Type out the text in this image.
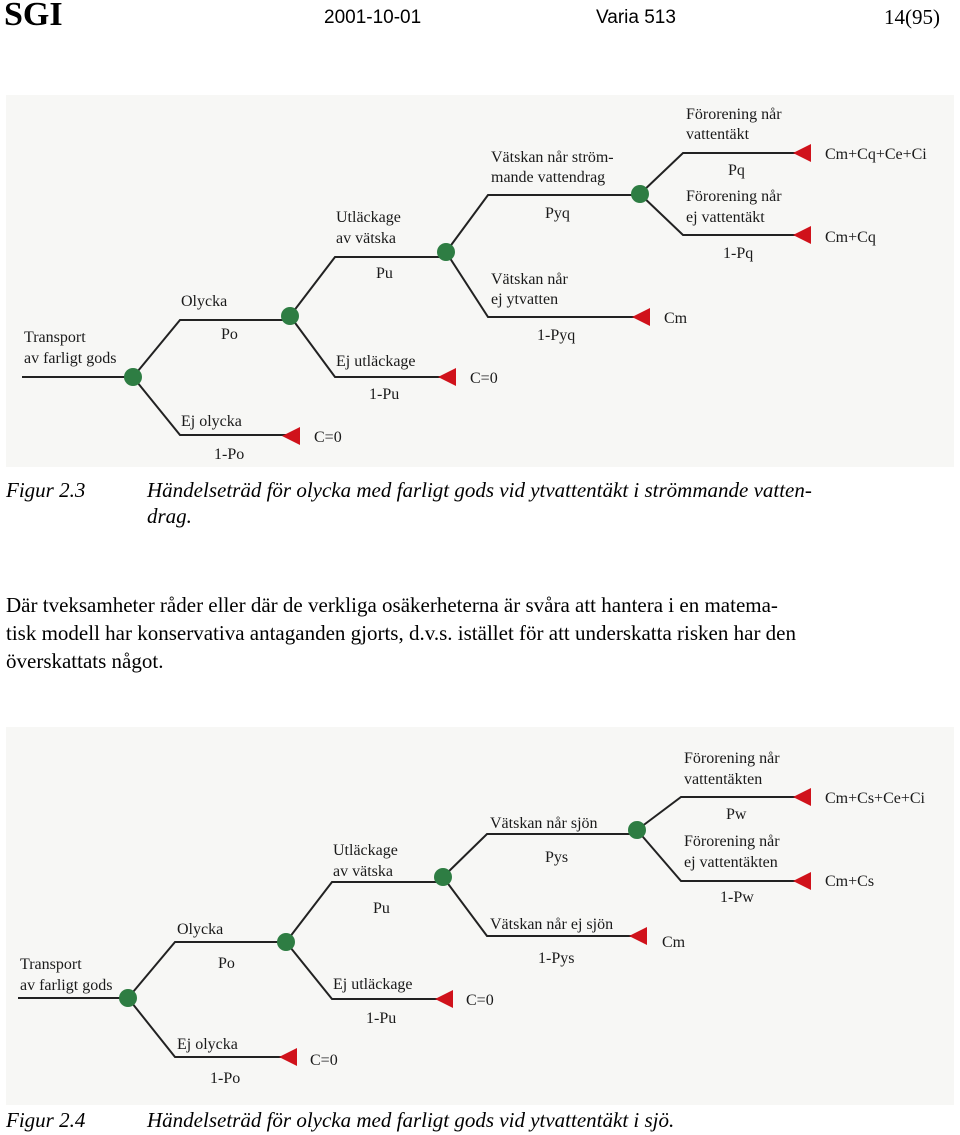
SGI	2001-10-01	Varia 513	14(95)
Transport
av farligt gods
Olycka
Po
Ej olycka
1-Po
C=0
Utläckage
av vätska
Pu
Ej utläckage
1-Pu
C=0
Vätskan når ström-
mande vattendrag
Pyq
Vätskan når
ej ytvatten
1-Pyq
Cm
Förorening når
vattentäkt
Pq
Förorening når
ej vattentäkt
1-Pq
Cm+Cq+Ce+Ci
Cm+Cq
Figur 2.3	Händelseträd för olycka med farligt gods vid ytvattentäkt i strömmande vatten-
drag.
Där tveksamheter råder eller där de verkliga osäkerheterna är svåra att hantera i en matema-
tisk modell har konservativa antaganden gjorts, d.v.s. istället för att underskatta risken har den
överskattats något.
Transport
av farligt gods
Olycka
Po
Ej olycka
1-Po
C=0
Utläckage
av vätska
Pu
Ej utläckage
1-Pu
C=0
Vätskan når sjön
Pys
Vätskan når ej sjön
1-Pys
Cm
Förorening når
vattentäkten
Pw
Förorening når
ej vattentäkten
1-Pw
Cm+Cs+Ce+Ci
Cm+Cs
Figur 2.4	Händelseträd för olycka med farligt gods vid ytvattentäkt i sjö.
